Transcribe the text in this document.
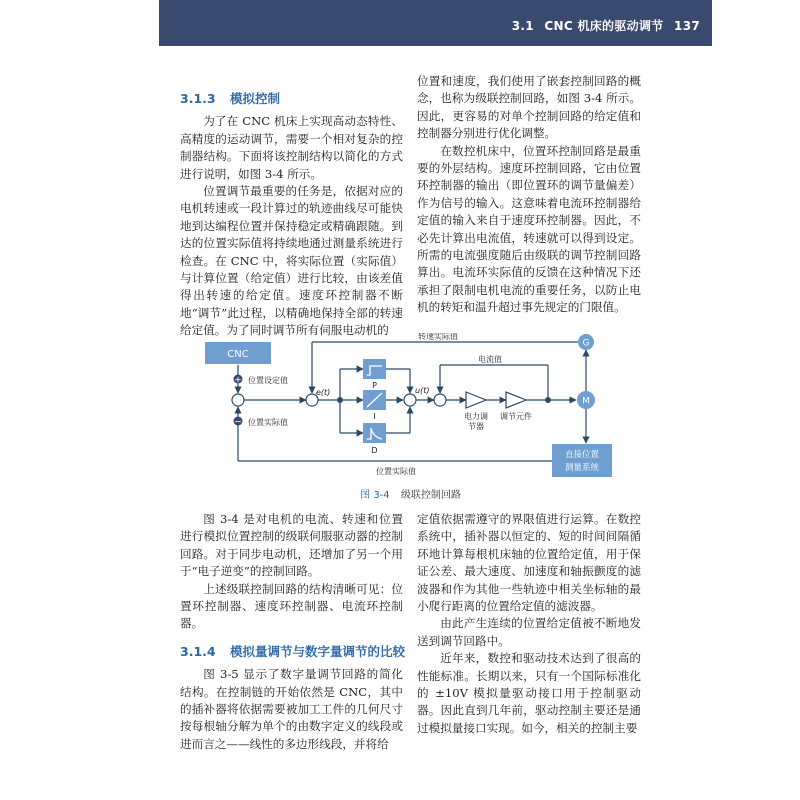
3.1 CNC 机床的驱动调节 137
3.1.3 模拟控制

为了在 CNC 机床上实现高动态特性、高精度的运动调节，需要一个相对复杂的控制器结构。下面将该控制结构以简化的方式进行说明，如图 3-4 所示。

位置调节最重要的任务是，依据对应的电机转速或一段计算过的轨迹曲线尽可能快地到达编程位置并保持稳定或精确跟随。到达的位置实际值将持续地通过测量系统进行检查。在 CNC 中，将实际位置（实际值）与计算位置（给定值）进行比较，由该差值得出转速的给定值。速度环控制器不断地“调节”此过程，以精确地保持全部的转速给定值。为了同时调节所有伺服电动机的

位置和速度，我们使用了嵌套控制回路的概念，也称为级联控制回路，如图 3-4 所示。因此，更容易的对单个控制回路的给定值和控制器分别进行优化调整。

在数控机床中，位置环控制回路是最重要的外层结构。速度环控制回路，它由位置环控制器的输出（即位置环的调节量偏差）作为信号的输入。这意味着电流环控制器给定值的输入来自于速度环控制器。因此，不必先计算出电流值，转速就可以得到设定。所需的电流强度随后由级联的调节控制回路算出。电流环实际值的反馈在这种情况下还承担了限制电机电流的重要任务，以防止电机的转矩和温升超过事先规定的门限值。

CNC
+
−
P
I
D
G
M
直接位置
测量系统
位置设定值
位置实际值
转速实际值
电流值
e(t)	u(t)
电力调
节器
调节元件
位置实际值
图 3-4 级联控制回路

图 3-4 是对电机的电流、转速和位置进行模拟位置控制的级联伺服驱动器的控制回路。对于同步电动机，还增加了另一个用于“电子逆变”的控制回路。

上述级联控制回路的结构清晰可见：位置环控制器、速度环控制器、电流环控制器。

3.1.4 模拟量调节与数字量调节的比较

图 3-5 显示了数字量调节回路的简化结构。在控制链的开始依然是 CNC，其中的插补器将依据需要被加工工件的几何尺寸按每根轴分解为单个的由数字定义的线段或进而言之——线性的多边形线段，并将给

定值依据需遵守的界限值进行运算。在数控系统中，插补器以恒定的、短的时间间隔循环地计算每根机床轴的位置给定值，用于保证公差、最大速度、加速度和轴振颤度的滤波器和作为其他一些轨迹中相关坐标轴的最小爬行距离的位置给定值的滤波器。

由此产生连续的位置给定值被不断地发送到调节回路中。

近年来，数控和驱动技术达到了很高的性能标准。长期以来，只有一个国际标准化的 ±10V 模拟量驱动接口用于控制驱动器。因此直到几年前，驱动控制主要还是通过模拟量接口实现。如今，相关的控制主要
